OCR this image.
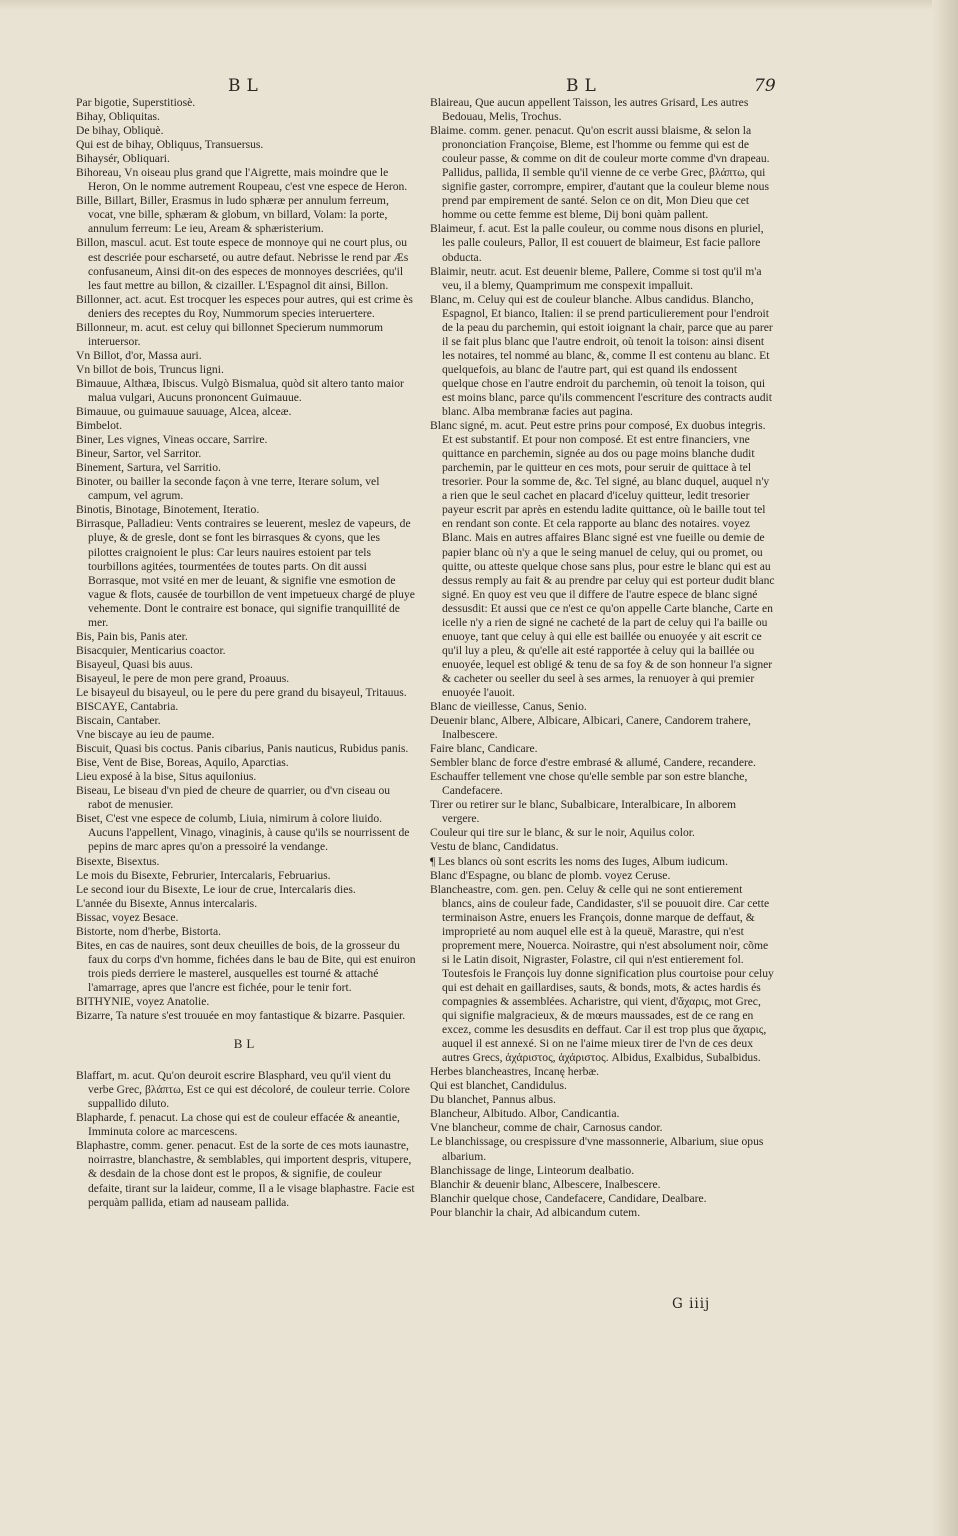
BL	BL	79

Par bigotie, Superstitiosè.

Bihay, Obliquitas.

De bihay, Obliquè.

Qui est de bihay, Obliquus, Transuersus.

Bihaysér, Obliquari.

Bihoreau, Vn oiseau plus grand que l'Aigrette, mais moindre que le Heron, On le nomme autrement Roupeau, c'est vne espece de Heron.

Bille, Billart, Biller, Erasmus in ludo sphæræ per annulum ferreum, vocat, vne bille, sphæram & globum, vn billard, Volam: la porte, annulum ferreum: Le ieu, Aream & sphæristerium.

Billon, mascul. acut. Est toute espece de monnoye qui ne court plus, ou est descriée pour escharseté, ou autre defaut. Nebrisse le rend par Æs confusaneum, Ainsi dit-on des especes de monnoyes descriées, qu'il les faut mettre au billon, & cizailler. L'Espagnol dit ainsi, Billon.

Billonner, act. acut. Est trocquer les especes pour autres, qui est crime ès deniers des receptes du Roy, Nummorum species interuertere.

Billonneur, m. acut. est celuy qui billonnet Specierum nummorum interuersor.

Vn Billot, d'or, Massa auri.

Vn billot de bois, Truncus ligni.

Bimauue, Althæa, Ibiscus. Vulgò Bismalua, quòd sit altero tanto maior malua vulgari, Aucuns prononcent Guimauue.

Bimauue, ou guimauue sauuage, Alcea, alceæ.

Bimbelot.

Biner, Les vignes, Vineas occare, Sarrire.

Bineur, Sartor, vel Sarritor.

Binement, Sartura, vel Sarritio.

Binoter, ou bailler la seconde façon à vne terre, Iterare solum, vel campum, vel agrum.

Binotis, Binotage, Binotement, Iteratio.

Birrasque, Palladieu: Vents contraires se leuerent, meslez de vapeurs, de pluye, & de gresle, dont se font les birrasques & cyons, que les pilottes craignoient le plus: Car leurs nauires estoient par tels tourbillons agitées, tourmentées de toutes parts. On dit aussi Borrasque, mot vsité en mer de leuant, & signifie vne esmotion de vague & flots, causée de tourbillon de vent impetueux chargé de pluye vehemente. Dont le contraire est bonace, qui signifie tranquillité de mer.

Bis, Pain bis, Panis ater.

Bisacquier, Menticarius coactor.

Bisayeul, Quasi bis auus.

Bisayeul, le pere de mon pere grand, Proauus.

Le bisayeul du bisayeul, ou le pere du pere grand du bisayeul, Tritauus.

BISCAYE, Cantabria.

Biscain, Cantaber.

Vne biscaye au ieu de paume.

Biscuit, Quasi bis coctus. Panis cibarius, Panis nauticus, Rubidus panis.

Bise, Vent de Bise, Boreas, Aquilo, Aparctias.

Lieu exposé à la bise, Situs aquilonius.

Biseau, Le biseau d'vn pied de cheure de quarrier, ou d'vn ciseau ou rabot de menusier.

Biset, C'est vne espece de columb, Liuia, nimirum à colore liuido. Aucuns l'appellent, Vinago, vinaginis, à cause qu'ils se nourrissent de pepins de marc apres qu'on a pressoiré la vendange.

Bisexte, Bisextus.

Le mois du Bisexte, Februrier, Intercalaris, Februarius.

Le second iour du Bisexte, Le iour de crue, Intercalaris dies.

L'année du Bisexte, Annus intercalaris.

Bissac, voyez Besace.

Bistorte, nom d'herbe, Bistorta.

Bites, en cas de nauires, sont deux cheuilles de bois, de la grosseur du faux du corps d'vn homme, fichées dans le bau de Bite, qui est enuiron trois pieds derriere le masterel, ausquelles est tourné & attaché l'amarrage, apres que l'ancre est fichée, pour le tenir fort.

BITHYNIE, voyez Anatolie.

Bizarre, Ta nature s'est trouuée en moy fantastique & bizarre. Pasquier.

BL

Blaffart, m. acut. Qu'on deuroit escrire Blasphard, veu qu'il vient du verbe Grec, βλάπτω, Est ce qui est décoloré, de couleur terrie. Colore suppallido diluto.

Blapharde, f. penacut. La chose qui est de couleur effacée & aneantie, Imminuta colore ac marcescens.

Blaphastre, comm. gener. penacut. Est de la sorte de ces mots iaunastre, noirrastre, blanchastre, & semblables, qui importent despris, vitupere, & desdain de la chose dont est le propos, & signifie, de couleur defaite, tirant sur la laideur, comme, Il a le visage blaphastre. Facie est perquàm pallida, etiam ad nauseam pallida.

Blaireau, Que aucun appellent Taisson, les autres Grisard, Les autres Bedouau, Melis, Trochus.

Blaime. comm. gener. penacut. Qu'on escrit aussi blaisme, & selon la prononciation Françoise, Bleme, est l'homme ou femme qui est de couleur passe, & comme on dit de couleur morte comme d'vn drapeau. Pallidus, pallida, Il semble qu'il vienne de ce verbe Grec, βλάπτω, qui signifie gaster, corrompre, empirer, d'autant que la couleur bleme nous prend par empirement de santé. Selon ce on dit, Mon Dieu que cet homme ou cette femme est bleme, Dij boni quàm pallent.

Blaimeur, f. acut. Est la palle couleur, ou comme nous disons en pluriel, les palle couleurs, Pallor, Il est couuert de blaimeur, Est facie pallore obducta.

Blaimir, neutr. acut. Est deuenir bleme, Pallere, Comme si tost qu'il m'a veu, il a blemy, Quamprimum me conspexit impalluit.

Blanc, m. Celuy qui est de couleur blanche. Albus candidus. Blancho, Espagnol, Et bianco, Italien: il se prend particulierement pour l'endroit de la peau du parchemin, qui estoit ioignant la chair, parce que au parer il se fait plus blanc que l'autre endroit, où tenoit la toison: ainsi disent les notaires, tel nommé au blanc, &, comme Il est contenu au blanc. Et quelquefois, au blanc de l'autre part, qui est quand ils endossent quelque chose en l'autre endroit du parchemin, où tenoit la toison, qui est moins blanc, parce qu'ils commencent l'escriture des contracts audit blanc. Alba membranæ facies aut pagina.

Blanc signé, m. acut. Peut estre prins pour composé, Ex duobus integris. Et est substantif. Et pour non composé. Et est entre financiers, vne quittance en parchemin, signée au dos ou page moins blanche dudit parchemin, par le quitteur en ces mots, pour seruir de quittace à tel tresorier. Pour la somme de, &c. Tel signé, au blanc duquel, auquel n'y a rien que le seul cachet en placard d'iceluy quitteur, ledit tresorier payeur escrit par après en estendu ladite quittance, où le baille tout tel en rendant son conte. Et cela rapporte au blanc des notaires. voyez Blanc. Mais en autres affaires Blanc signé est vne fueille ou demie de papier blanc où n'y a que le seing manuel de celuy, qui ou promet, ou quitte, ou atteste quelque chose sans plus, pour estre le blanc qui est au dessus remply au fait & au prendre par celuy qui est porteur dudit blanc signé. En quoy est veu que il differe de l'autre espece de blanc signé dessusdit: Et aussi que ce n'est ce qu'on appelle Carte blanche, Carte en icelle n'y a rien de signé ne cacheté de la part de celuy qui l'a baille ou enuoye, tant que celuy à qui elle est baillée ou enuoyée y ait escrit ce qu'il luy a pleu, & qu'elle ait esté rapportée à celuy qui la baillée ou enuoyée, lequel est obligé & tenu de sa foy & de son honneur l'a signer & cacheter ou seeller du seel à ses armes, la renuoyer à qui premier enuoyée l'auoit.

Blanc de vieillesse, Canus, Senio.

Deuenir blanc, Albere, Albicare, Albicari, Canere, Candorem trahere, Inalbescere.

Faire blanc, Candicare.

Sembler blanc de force d'estre embrasé & allumé, Candere, recandere.

Eschauffer tellement vne chose qu'elle semble par son estre blanche, Candefacere.

Tirer ou retirer sur le blanc, Subalbicare, Interalbicare, In alborem vergere.

Couleur qui tire sur le blanc, & sur le noir, Aquilus color.

Vestu de blanc, Candidatus.

¶ Les blancs où sont escrits les noms des Iuges, Album iudicum.

Blanc d'Espagne, ou blanc de plomb. voyez Ceruse.

Blancheastre, com. gen. pen. Celuy & celle qui ne sont entierement blancs, ains de couleur fade, Candidaster, s'il se pouuoit dire. Car cette terminaison Astre, enuers les François, donne marque de deffaut, & improprieté au nom auquel elle est à la queuë, Marastre, qui n'est proprement mere, Nouerca. Noirastre, qui n'est absolument noir, cõme si le Latin disoit, Nigraster, Folastre, cil qui n'est entierement fol. Toutesfois le François luy donne signification plus courtoise pour celuy qui est dehait en gaillardises, sauts, & bonds, mots, & actes hardis és compagnies & assemblées. Acharistre, qui vient, d'ἄχαρις, mot Grec, qui signifie malgracieux, & de mœurs maussades, est de ce rang en excez, comme les desusdits en deffaut. Car il est trop plus que ἄχαρις, auquel il est annexé. Si on ne l'aime mieux tirer de l'vn de ces deux autres Grecs, ἀχάριστος, ἀχάριστος. Albidus, Exalbidus, Subalbidus.

Herbes blancheastres, Incanę herbæ.

Qui est blanchet, Candidulus.

Du blanchet, Pannus albus.

Blancheur, Albitudo. Albor, Candicantia.

Vne blancheur, comme de chair, Carnosus candor.

Le blanchissage, ou crespissure d'vne massonnerie, Albarium, siue opus albarium.

Blanchissage de linge, Linteorum dealbatio.

Blanchir & deuenir blanc, Albescere, Inalbescere.

Blanchir quelque chose, Candefacere, Candidare, Dealbare.

Pour blanchir la chair, Ad albicandum cutem.

G iiij
